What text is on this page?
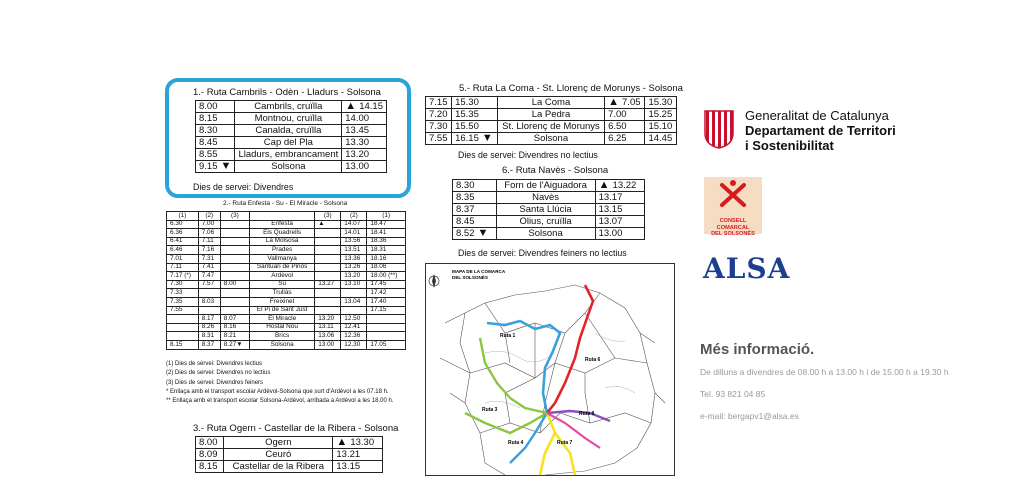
1.- Ruta Cambrils - Odèn - Lladurs - Solsona
8.00	Cambrils, cruïlla	▲ 14.15
8.15	Montnou, cruïlla	14.00
8.30	Canalda, cruïlla	13.45
8.45	Cap del Pla	13.30
8.55	Lladurs, embrancament	13.20
9.15 ▼	Solsona	13.00
Dies de servei: Divendres
2.- Ruta Enfesta - Su - El Miracle - Solsona
(1)	(2)	(3)		(3)	(2)	(1)
6.30	7.00		Enfesta	▲	14.07	18.47
6.36	7.06		Els Quadrells		14.01	18.41
6.41	7.11		La Molsosa		13.56	18.36
6.46	7.16		Prades		13.51	18.31
7.01	7.31		Vallmanya		13.36	18.16
7.11	7.41		Santuari de Pinós		13.26	18.06
7.17 (*)	7.47		Ardèvol		13.20	18.00 (**)
7.30	7.57	8.00	Su	13.27	13.10	17.45
7.33			Trullàs			17.42
7.35	8.03		Freixinet		13.04	17.40
7.55			El Pi de Sant Just			17.15
	8.17	8.07	El Miracle	13.20	12.50	
	8.26	8.16	Hostal Nou	13.11	12.41	
	8.31	8.21	Brics	13.06	12.36	
8.15	8.37	8.27▼	Solsona	13.00	12.30	17.05
(1) Dies de servei: Divendres lectius
(2) Dies de servei: Divendres no lectius
(3) Dies de servei: Divendres feiners
* Enllaça amb el transport escolar Ardèvol-Solsona que surt d'Ardèvol a les 07.18 h.
** Enllaça amb el transport escolar Solsona-Ardèvol, arribada a Ardèvol a les 18.00 h.
3.- Ruta Ogern - Castellar de la Ribera - Solsona
8.00	Ogern	▲ 13.30
8.09	Ceuró	13.21
8.15	Castellar de la Ribera	13.15
5.- Ruta La Coma - St. Llorenç de Morunys - Solsona
7.15	15.30	La Coma	▲ 7.05	15.30
7.20	15.35	La Pedra	7.00	15.25
7.30	15.50	St. Llorenç de Morunys	6.50	15.10
7.55	16.15 ▼	Solsona	6.25	14.45
Dies de servei: Divendres no lectius
6.- Ruta Navès - Solsona
8.30	Forn de l'Aiguadora	▲ 13.22
8.35	Navès	13.17
8.37	Santa Llúcia	13.15
8.45	Olius, cruïlla	13.07
8.52 ▼	Solsona	13.00
Dies de servei: Divendres feiners no lectius
MAPA DE LA COMARCA
DEL SOLSONÈS
Ruta 1
Ruta 6
Ruta 3
Ruta 8
Ruta 4	Ruta 7
Generalitat de Catalunya
Departament de Territori
i Sostenibilitat
CONSELL
COMARCAL
DEL SOLSONÈS
ALSA
Més informació.
De dilluns a divendres de 08.00 h a 13.00 h i de 15.00 h a 19.30 h
Tel. 93 821 04 85
e-mail: bergapv1@alsa.es
